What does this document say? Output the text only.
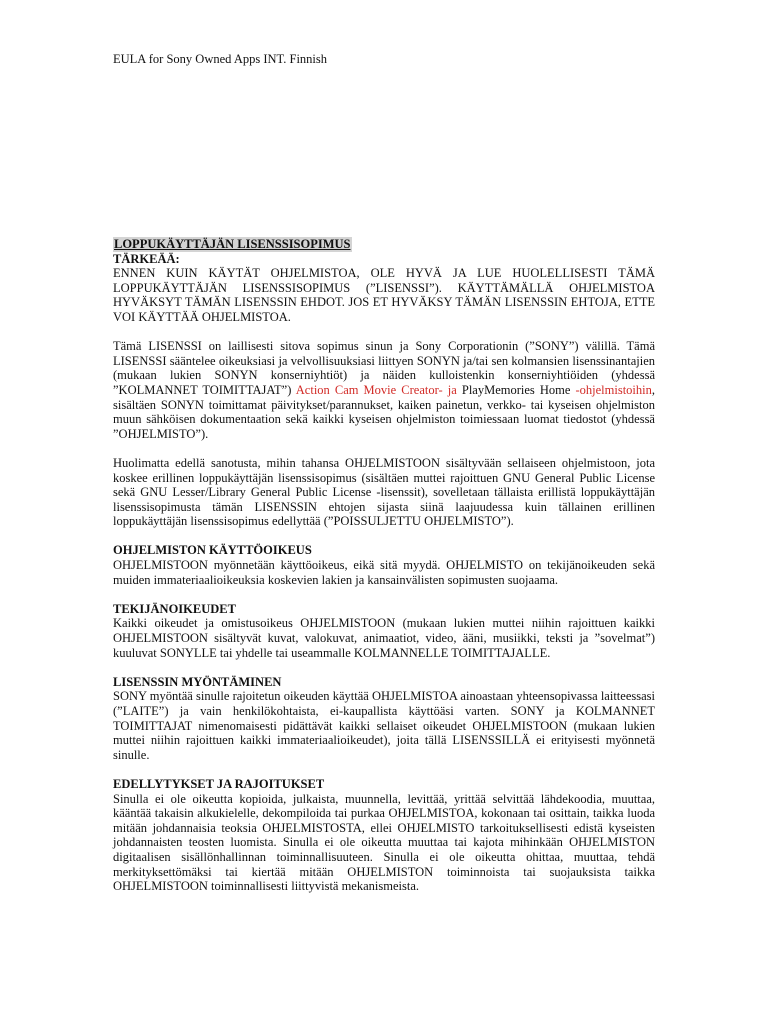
EULA for Sony Owned Apps INT. Finnish
LOPPUKÄYTTÄJÄN LISENSSISOPIMUS
TÄRKEÄÄ:

ENNEN KUIN KÄYTÄT OHJELMISTOA, OLE HYVÄ JA LUE HUOLELLISESTI TÄMÄ LOPPUKÄYTTÄJÄN LISENSSISOPIMUS (”LISENSSI”). KÄYTTÄMÄLLÄ OHJELMISTOA HYVÄKSYT TÄMÄN LISENSSIN EHDOT. JOS ET HYVÄKSY TÄMÄN LISENSSIN EHTOJA, ETTE VOI KÄYTTÄÄ OHJELMISTOA.

Tämä LISENSSI on laillisesti sitova sopimus sinun ja Sony Corporationin (”SONY”) välillä. Tämä LISENSSI sääntelee oikeuksiasi ja velvollisuuksiasi liittyen SONYN ja/tai sen kolmansien lisenssinantajien (mukaan lukien SONYN konserniyhtiöt) ja näiden kulloistenkin konserniyhtiöiden (yhdessä ”KOLMANNET TOIMITTAJAT”) Action Cam Movie Creator- ja PlayMemories Home -ohjelmistoihin, sisältäen SONYN toimittamat päivitykset/parannukset, kaiken painetun, verkko- tai kyseisen ohjelmiston muun sähköisen dokumentaation sekä kaikki kyseisen ohjelmiston toimiessaan luomat tiedostot (yhdessä ”OHJELMISTO”).

Huolimatta edellä sanotusta, mihin tahansa OHJELMISTOON sisältyvään sellaiseen ohjelmistoon, jota koskee erillinen loppukäyttäjän lisenssisopimus (sisältäen muttei rajoittuen GNU General Public License sekä GNU Lesser/Library General Public License -lisenssit), sovelletaan tällaista erillistä loppukäyttäjän lisenssisopimusta tämän LISENSSIN ehtojen sijasta siinä laajuudessa kuin tällainen erillinen loppukäyttäjän lisenssisopimus edellyttää (”POISSULJETTU OHJELMISTO”).

OHJELMISTON KÄYTTÖOIKEUS

OHJELMISTOON myönnetään käyttöoikeus, eikä sitä myydä. OHJELMISTO on tekijänoikeuden sekä muiden immateriaalioikeuksia koskevien lakien ja kansainvälisten sopimusten suojaama.

TEKIJÄNOIKEUDET

Kaikki oikeudet ja omistusoikeus OHJELMISTOON (mukaan lukien muttei niihin rajoittuen kaikki OHJELMISTOON sisältyvät kuvat, valokuvat, animaatiot, video, ääni, musiikki, teksti ja ”sovelmat”) kuuluvat SONYLLE tai yhdelle tai useammalle KOLMANNELLE TOIMITTAJALLE.

LISENSSIN MYÖNTÄMINEN

SONY myöntää sinulle rajoitetun oikeuden käyttää OHJELMISTOA ainoastaan yhteensopivassa laitteessasi (”LAITE”) ja vain henkilökohtaista, ei-kaupallista käyttöäsi varten. SONY ja KOLMANNET TOIMITTAJAT nimenomaisesti pidättävät kaikki sellaiset oikeudet OHJELMISTOON (mukaan lukien muttei niihin rajoittuen kaikki immateriaalioikeudet), joita tällä LISENSSILLÄ ei erityisesti myönnetä sinulle.

EDELLYTYKSET JA RAJOITUKSET

Sinulla ei ole oikeutta kopioida, julkaista, muunnella, levittää, yrittää selvittää lähdekoodia, muuttaa, kääntää takaisin alkukielelle, dekompiloida tai purkaa OHJELMISTOA, kokonaan tai osittain, taikka luoda mitään johdannaisia teoksia OHJELMISTOSTA, ellei OHJELMISTO tarkoituksellisesti edistä kyseisten johdannaisten teosten luomista. Sinulla ei ole oikeutta muuttaa tai kajota mihinkään OHJELMISTON digitaalisen sisällönhallinnan toiminnallisuuteen. Sinulla ei ole oikeutta ohittaa, muuttaa, tehdä merkityksettömäksi tai kiertää mitään OHJELMISTON toiminnoista tai suojauksista taikka OHJELMISTOON toiminnallisesti liittyvistä mekanismeista.
